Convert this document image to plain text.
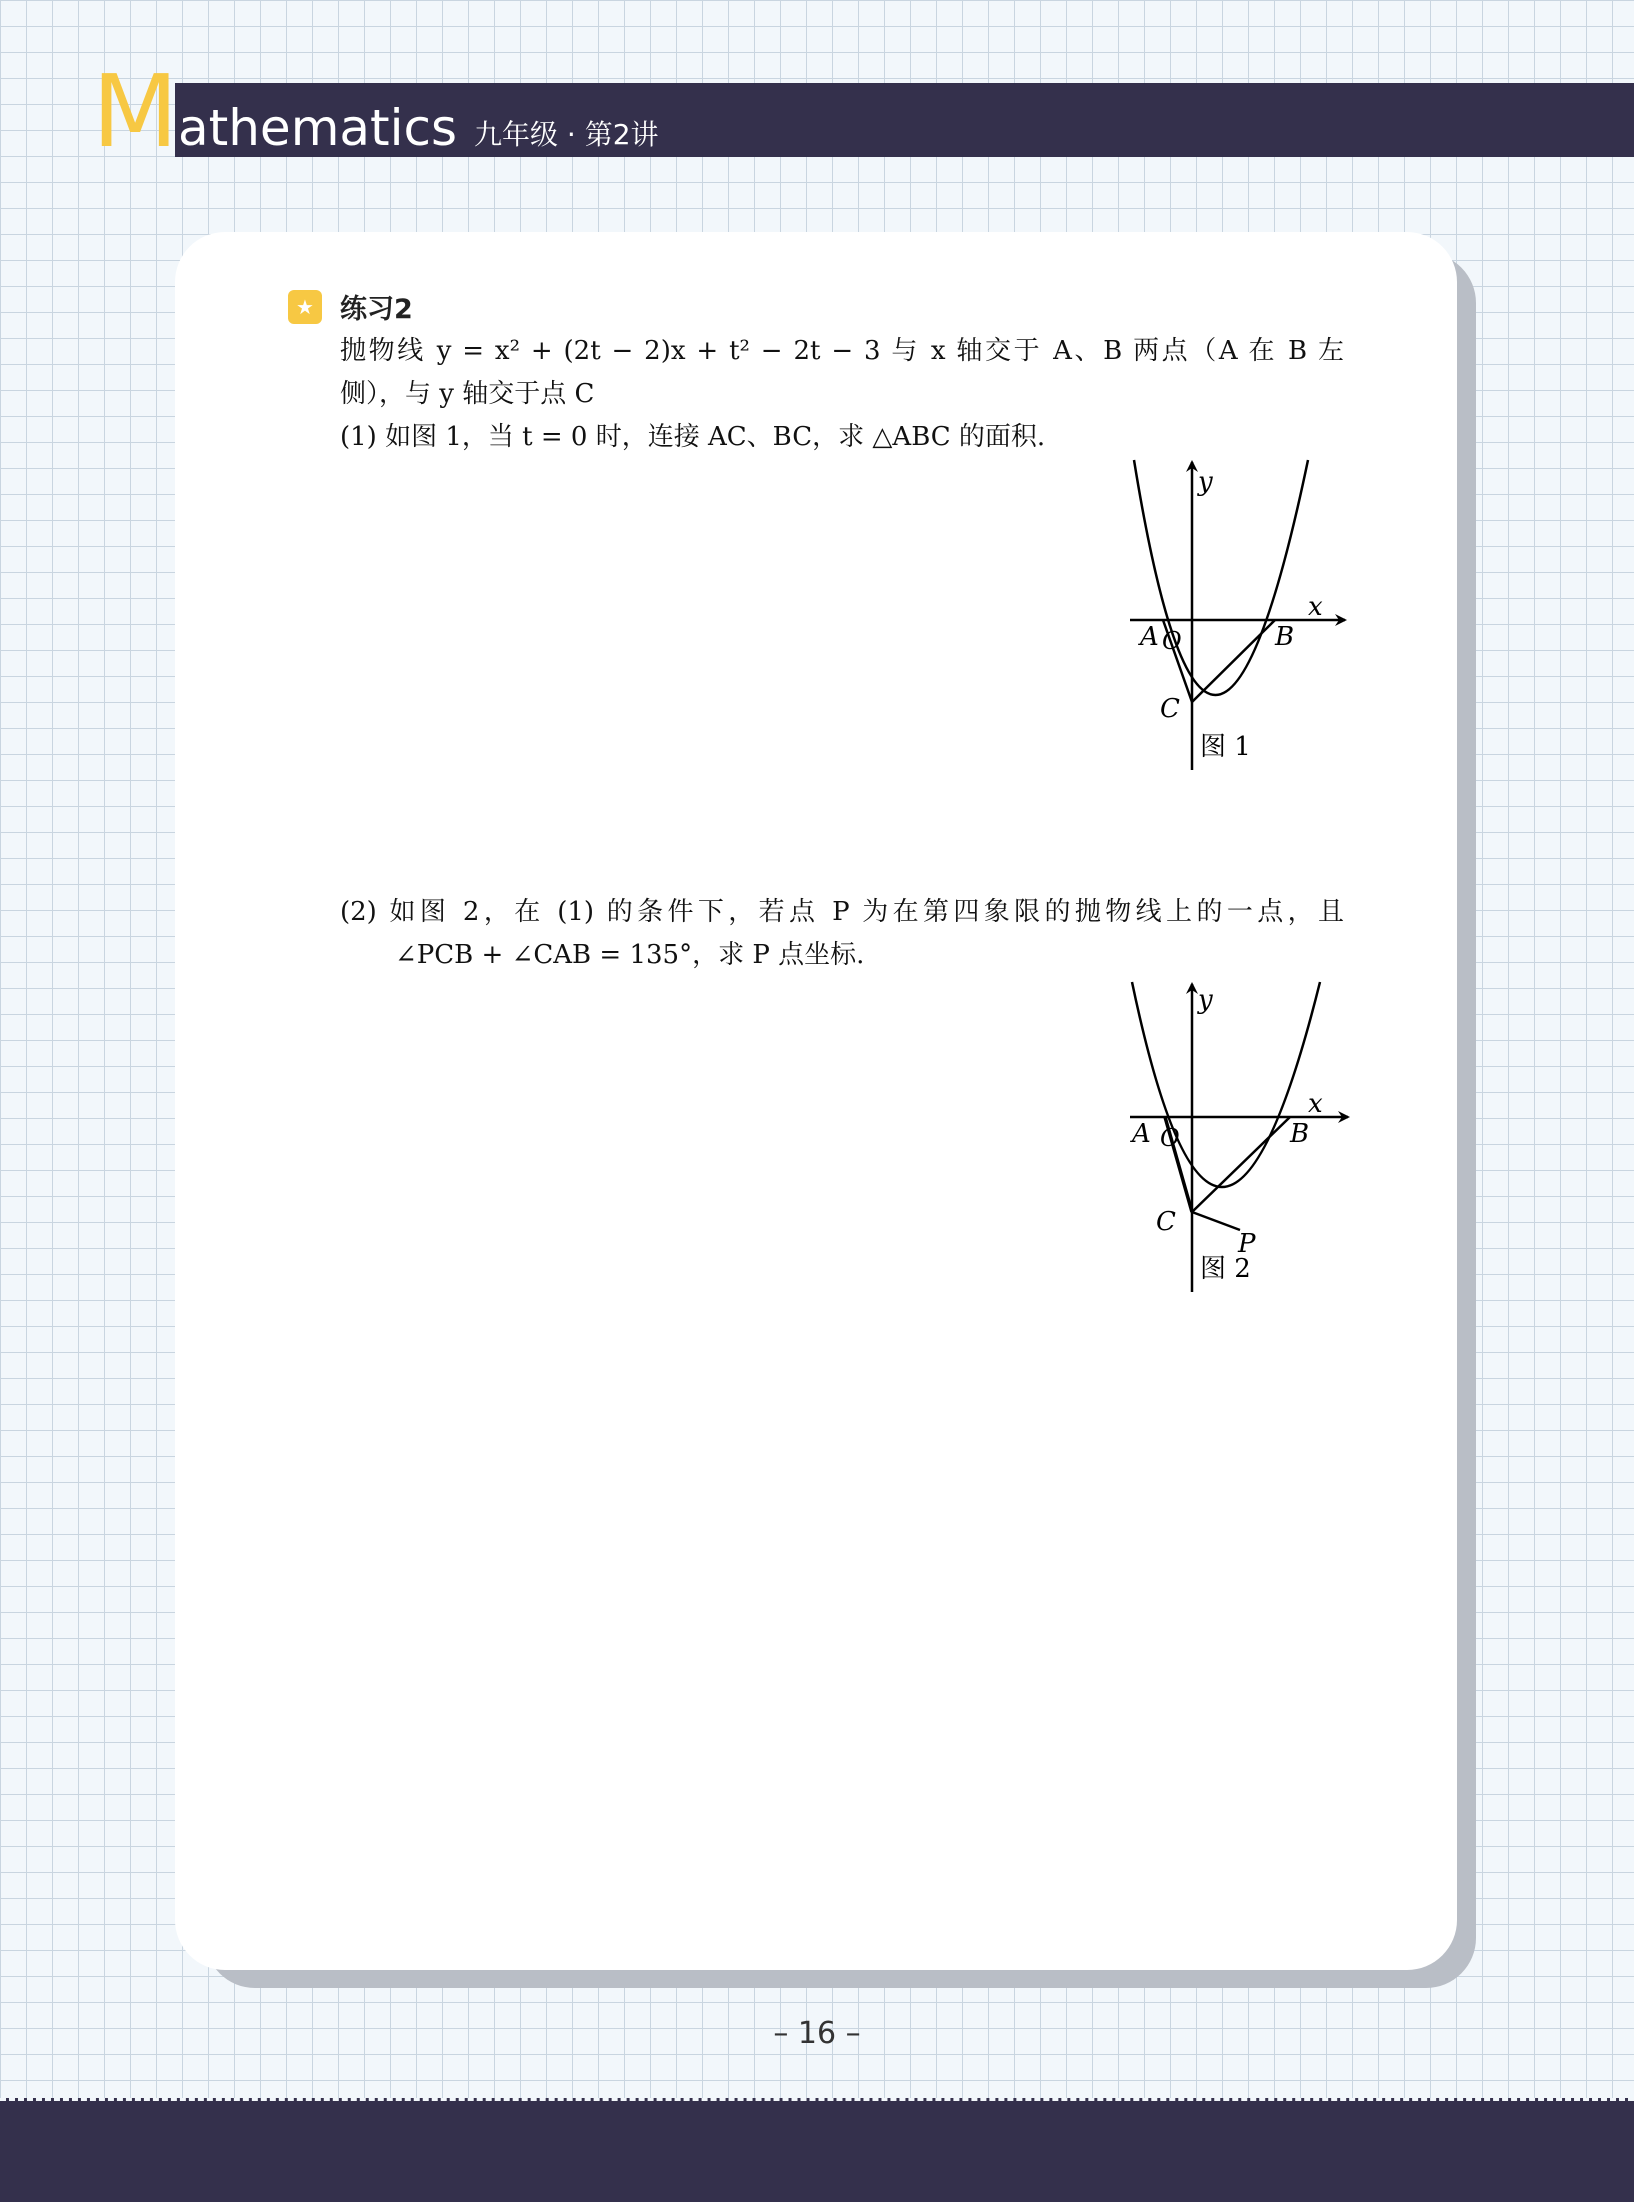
M athematics 九年级 · 第2讲
★ 练习2
抛物线 y = x² + (2t − 2)x + t² − 2t − 3 与 x 轴交于 A、B 两点（A 在 B 左
侧），与 y 轴交于点 C
(1) 如图 1，当 t = 0 时，连接 AC、BC，求 △ABC 的面积.
y
x
A O	B
C
图 1
(2) 如图 2，在 (1) 的条件下，若点 P 为在第四象限的抛物线上的一点，且
∠PCB + ∠CAB = 135°，求 P 点坐标.
y
x
A O	B
C
P
图 2
– 16 –
